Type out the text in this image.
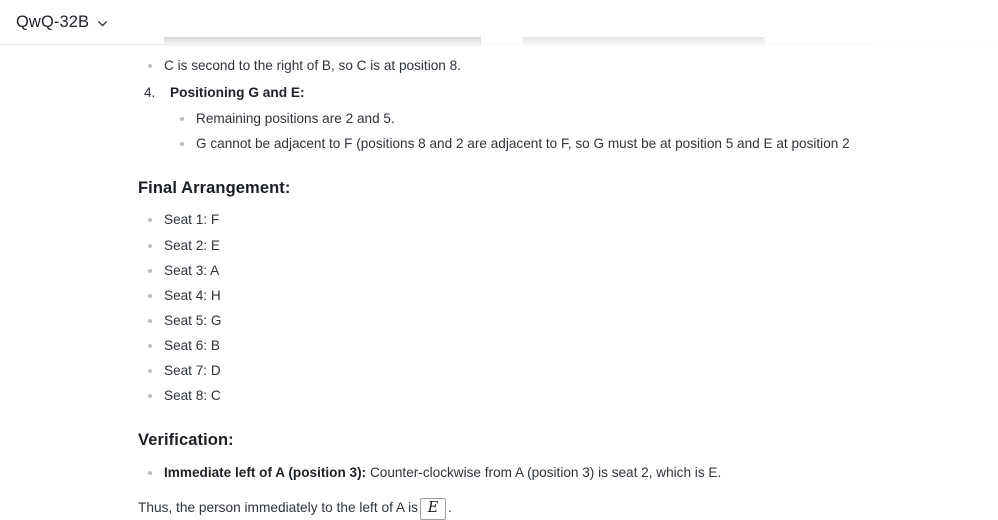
QwQ-32B
C is second to the right of B, so C is at position 8.
4. Positioning G and E:
Remaining positions are 2 and 5.
G cannot be adjacent to F (positions 8 and 2 are adjacent to F, so G must be at position 5 and E at position 2
Final Arrangement:
Seat 1: F
Seat 2: E
Seat 3: A
Seat 4: H
Seat 5: G
Seat 6: B
Seat 7: D
Seat 8: C
Verification:
Immediate left of A (position 3): Counter-clockwise from A (position 3) is seat 2, which is E.
Thus, the person immediately to the left of A is E .
